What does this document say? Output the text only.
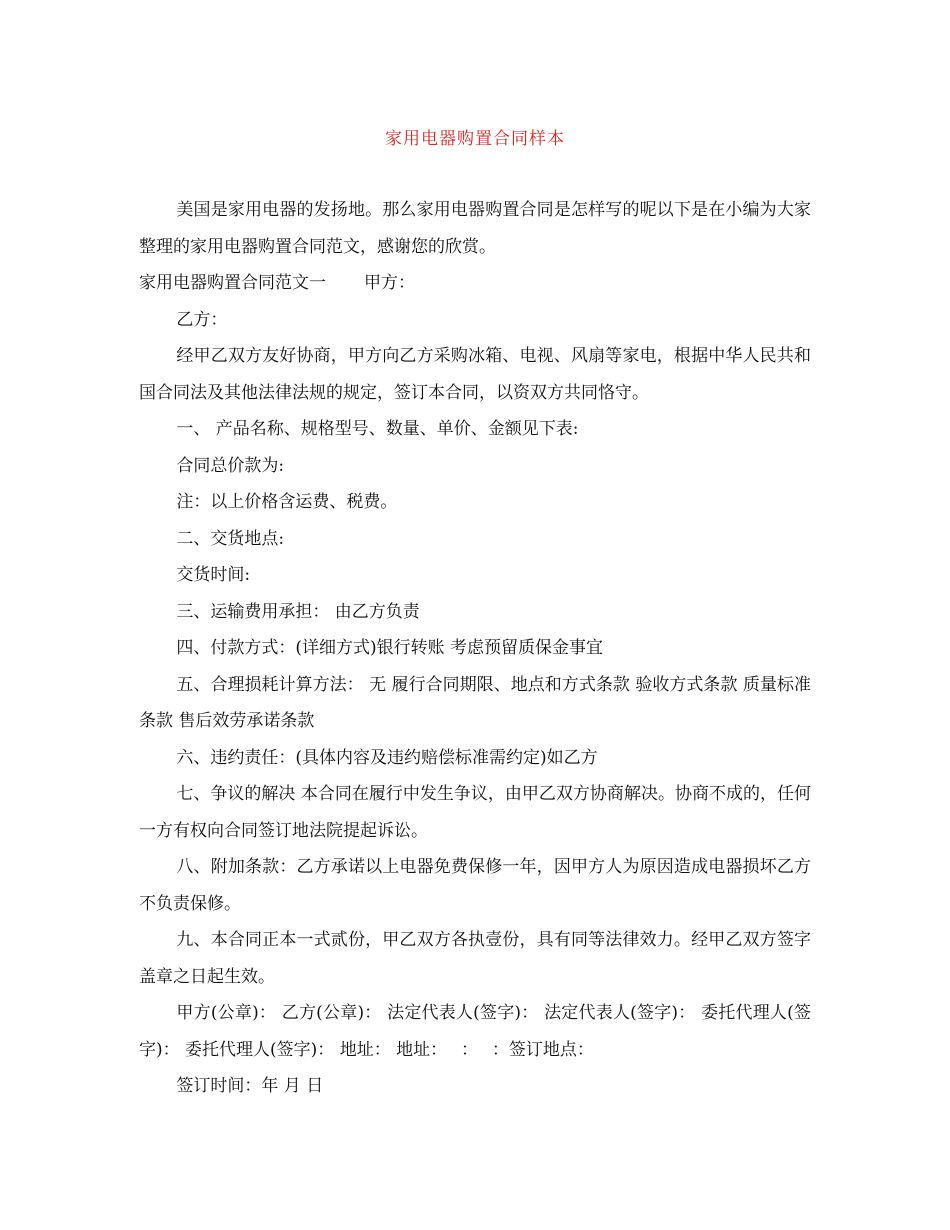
家用电器购置合同样本

美国是家用电器的发扬地。那么家用电器购置合同是怎样写的呢以下是在小编为大家整理的家用电器购置合同范文，感谢您的欣赏。

家用电器购置合同范文一 甲方：

乙方：

经甲乙双方友好协商，甲方向乙方采购冰箱、电视、风扇等家电，根据中华人民共和国合同法及其他法律法规的规定，签订本合同，以资双方共同恪守。

一、 产品名称、规格型号、数量、单价、金额见下表:

合同总价款为:

注：以上价格含运费、税费。

二、交货地点:

交货时间:

三、运输费用承担： 由乙方负责

四、付款方式：(详细方式)银行转账 考虑预留质保金事宜

五、合理损耗计算方法： 无 履行合同期限、地点和方式条款 验收方式条款 质量标准条款 售后效劳承诺条款

六、违约责任：(具体内容及违约赔偿标准需约定)如乙方

七、争议的解决 本合同在履行中发生争议，由甲乙双方协商解决。协商不成的，任何一方有权向合同签订地法院提起诉讼。

八、附加条款：乙方承诺以上电器免费保修一年，因甲方人为原因造成电器损坏乙方不负责保修。

九、本合同正本一式贰份，甲乙双方各执壹份，具有同等法律效力。经甲乙双方签字盖章之日起生效。

甲方(公章)： 乙方(公章)： 法定代表人(签字)： 法定代表人(签字)： 委托代理人(签字)： 委托代理人(签字)： 地址： 地址：　 ：　 ：签订地点：

签订时间：年 月 日
